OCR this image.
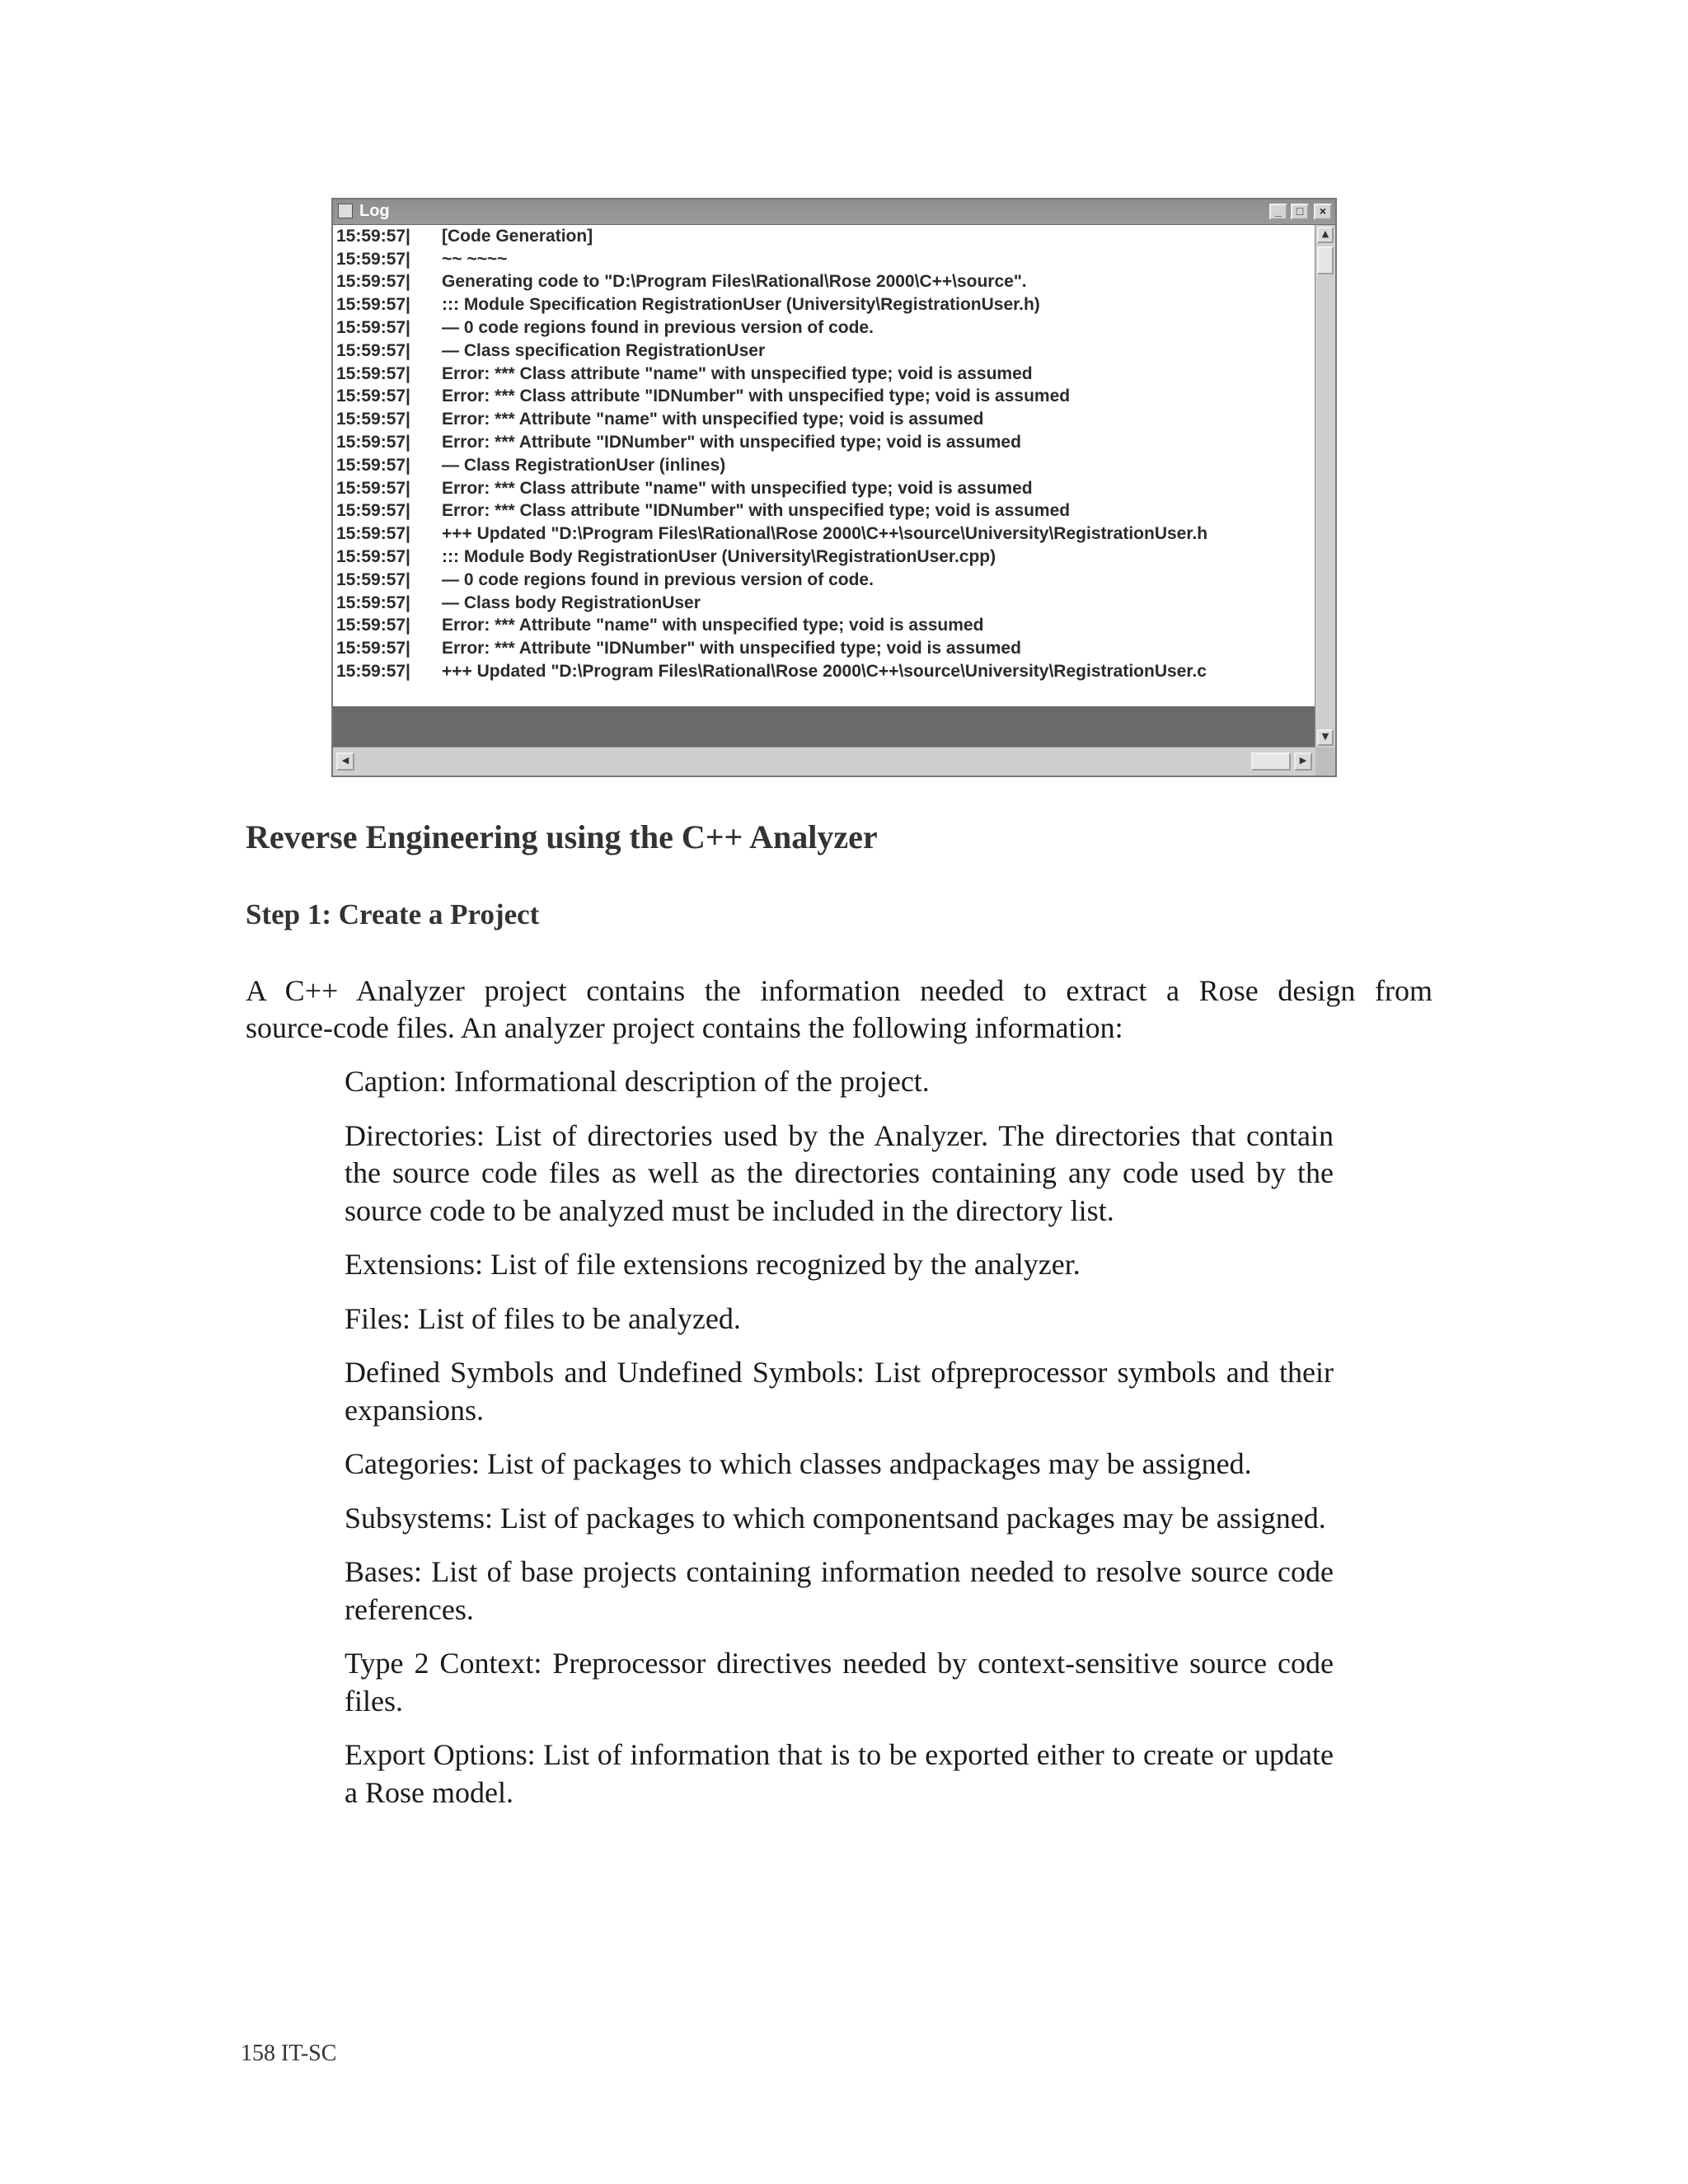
Log	_	□	×
15:59:57|	[Code Generation]
15:59:57|	~~ ~~~~
15:59:57|	Generating code to "D:\Program Files\Rational\Rose 2000\C++\source".
15:59:57|	::: Module Specification RegistrationUser (University\RegistrationUser.h)
15:59:57|	— 0 code regions found in previous version of code.
15:59:57|	— Class specification RegistrationUser
15:59:57|	Error: *** Class attribute "name" with unspecified type; void is assumed
15:59:57|	Error: *** Class attribute "IDNumber" with unspecified type; void is assumed
15:59:57|	Error: *** Attribute "name" with unspecified type; void is assumed
15:59:57|	Error: *** Attribute "IDNumber" with unspecified type; void is assumed
15:59:57|	— Class RegistrationUser (inlines)
15:59:57|	Error: *** Class attribute "name" with unspecified type; void is assumed
15:59:57|	Error: *** Class attribute "IDNumber" with unspecified type; void is assumed
15:59:57|	+++ Updated "D:\Program Files\Rational\Rose 2000\C++\source\University\RegistrationUser.h
15:59:57|	::: Module Body RegistrationUser (University\RegistrationUser.cpp)
15:59:57|	— 0 code regions found in previous version of code.
15:59:57|	— Class body RegistrationUser
15:59:57|	Error: *** Attribute "name" with unspecified type; void is assumed
15:59:57|	Error: *** Attribute "IDNumber" with unspecified type; void is assumed
15:59:57|	+++ Updated "D:\Program Files\Rational\Rose 2000\C++\source\University\RegistrationUser.c
▲
▼
◀	▶
Reverse Engineering using the C++ Analyzer
Step 1: Create a Project

A C++ Analyzer project contains the information needed to extract a Rose design from
source-code files. An analyzer project contains the following information:

Caption: Informational description of the project.
Directories: List of directories used by the Analyzer. The directories that contain the source code files as well as the directories containing any code used by the source code to be analyzed must be included in the directory list.
Extensions: List of file extensions recognized by the analyzer.
Files: List of files to be analyzed.
Defined Symbols and Undefined Symbols: List ofpreprocessor symbols and their expansions.
Categories: List of packages to which classes andpackages may be assigned.
Subsystems: List of packages to which componentsand packages may be assigned.
Bases: List of base projects containing information needed to resolve source code references.
Type 2 Context: Preprocessor directives needed by context-sensitive source code files.
Export Options: List of information that is to be exported either to create or update a Rose model.

158 IT-SC
